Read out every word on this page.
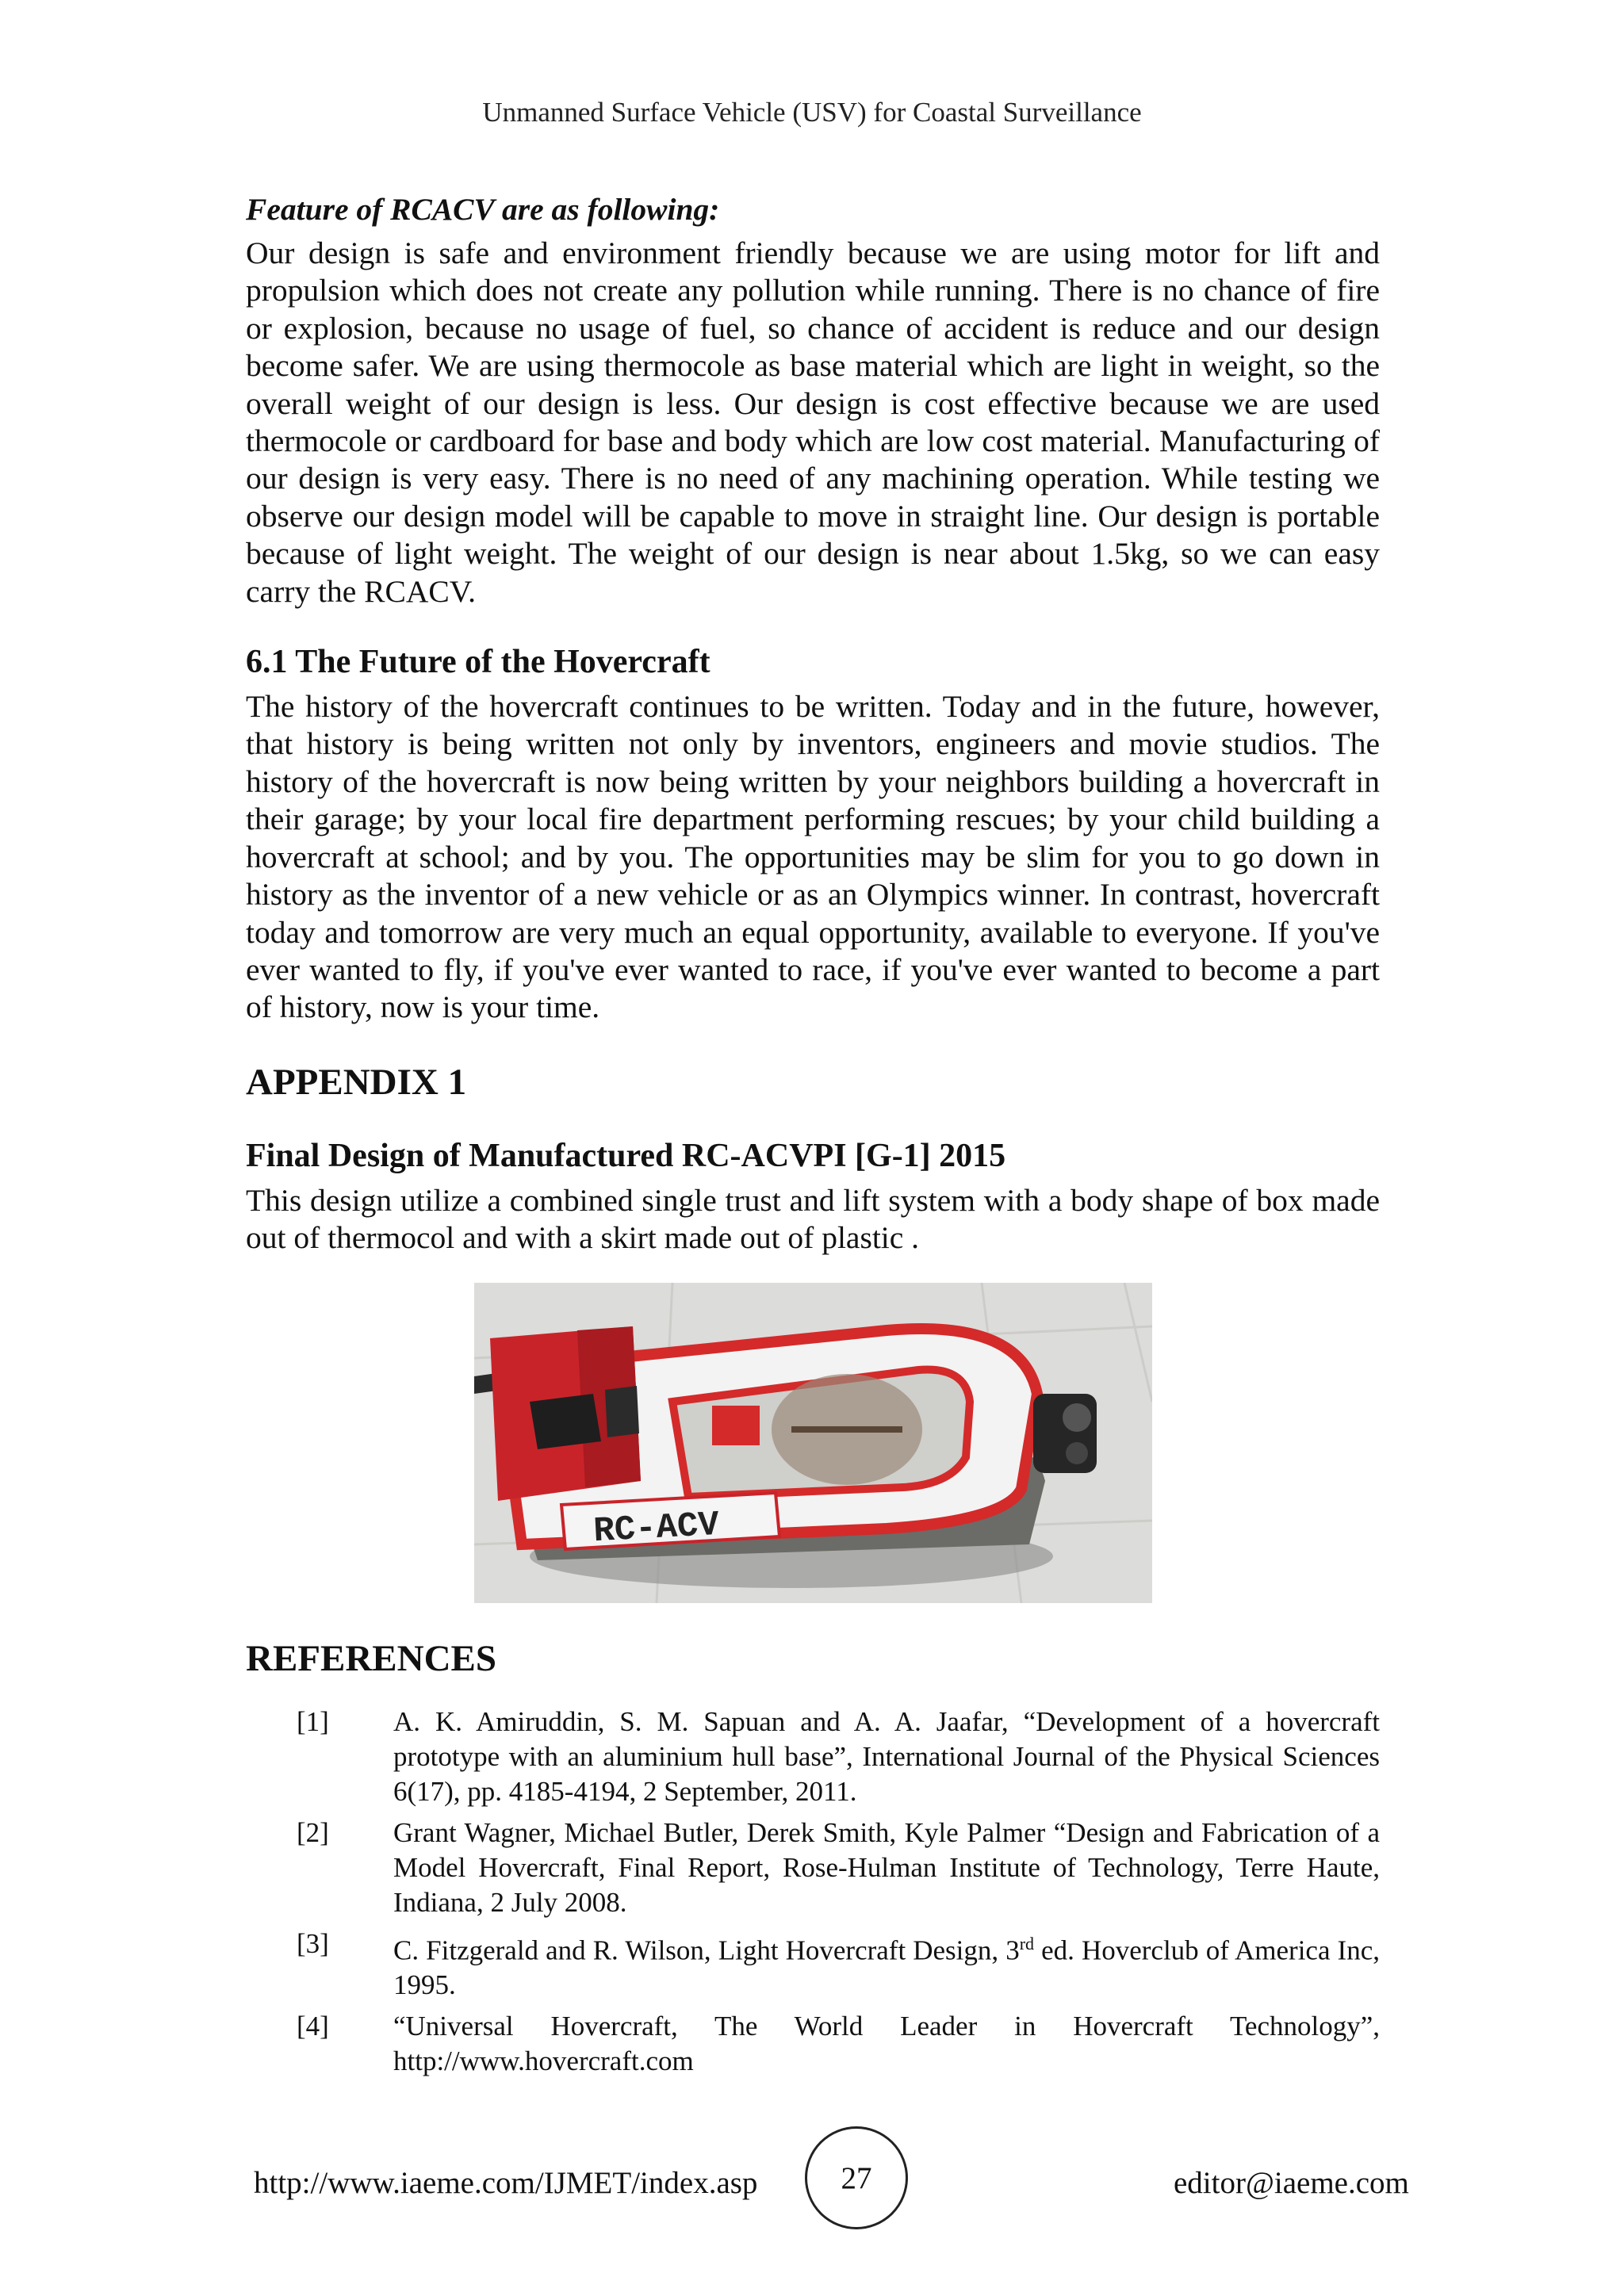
Unmanned Surface Vehicle (USV) for Coastal Surveillance

Feature of RCACV are as following:

Our design is safe and environment friendly because we are using motor for lift and propulsion which does not create any pollution while running. There is no chance of fire or explosion, because no usage of fuel, so chance of accident is reduce and our design become safer. We are using thermocole as base material which are light in weight, so the overall weight of our design is less. Our design is cost effective because we are used thermocole or cardboard for base and body which are low cost material. Manufacturing of our design is very easy. There is no need of any machining operation. While testing we observe our design model will be capable to move in straight line. Our design is portable because of light weight. The weight of our design is near about 1.5kg, so we can easy carry the RCACV.

6.1 The Future of the Hovercraft

The history of the hovercraft continues to be written. Today and in the future, however, that history is being written not only by inventors, engineers and movie studios. The history of the hovercraft is now being written by your neighbors building a hovercraft in their garage; by your local fire department performing rescues; by your child building a hovercraft at school; and by you. The opportunities may be slim for you to go down in history as the inventor of a new vehicle or as an Olympics winner. In contrast, hovercraft today and tomorrow are very much an equal opportunity, available to everyone. If you've ever wanted to fly, if you've ever wanted to race, if you've ever wanted to become a part of history, now is your time.

APPENDIX 1

Final Design of Manufactured RC-ACVPI [G-1] 2015

This design utilize a combined single trust and lift system with a body shape of box made out of thermocol and with a skirt made out of plastic .

RC-ACV

REFERENCES

[1]	A. K. Amiruddin, S. M. Sapuan and A. A. Jaafar, “Development of a hovercraft prototype with an aluminium hull base”, International Journal of the Physical Sciences 6(17), pp. 4185-4194, 2 September, 2011.
[2]	Grant Wagner, Michael Butler, Derek Smith, Kyle Palmer “Design and Fabrication of a Model Hovercraft, Final Report, Rose-Hulman Institute of Technology, Terre Haute, Indiana, 2 July 2008.
[3]	C. Fitzgerald and R. Wilson, Light Hovercraft Design, 3rd ed. Hoverclub of America Inc, 1995.
[4]	“Universal Hovercraft, The World Leader in Hovercraft Technology”, http://www.hovercraft.com
http://www.iaeme.com/IJMET/index.asp	27	editor@iaeme.com
